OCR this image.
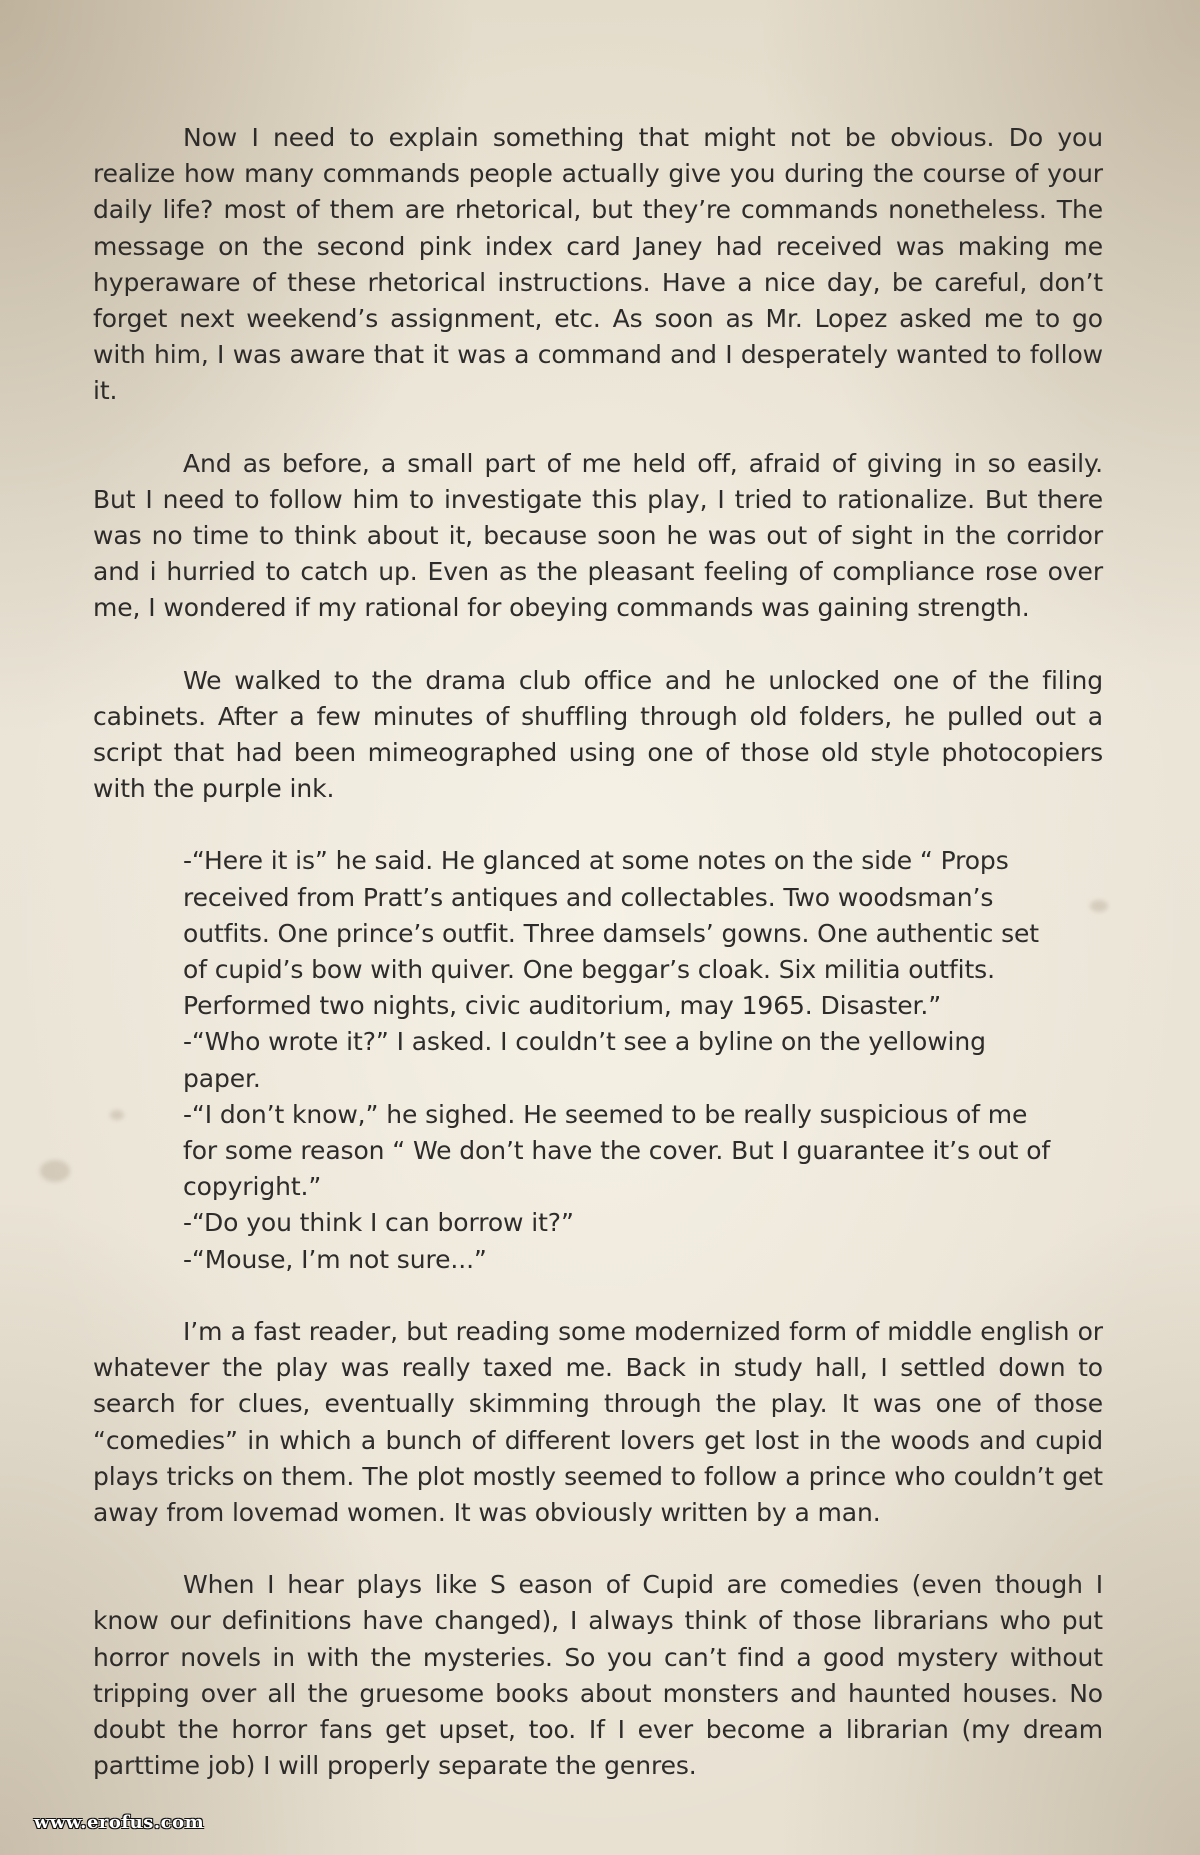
Now I need to explain something that might not be obvious. Do you realize how many commands people actually give you during the course of your daily life? most of them are rhetorical, but they’re commands nonetheless. The message on the second pink index card Janey had received was making me hyperaware of these rhetorical instructions. Have a nice day, be careful, don’t forget next weekend’s assignment, etc. As soon as Mr. Lopez asked me to go with him, I was aware that it was a command and I desperately wanted to follow it.

And as before, a small part of me held off, afraid of giving in so easily. But I need to follow him to investigate this play, I tried to rationalize. But there was no time to think about it, because soon he was out of sight in the corridor and i hurried to catch up. Even as the pleasant feeling of compliance rose over me, I wondered if my rational for obeying commands was gaining strength.

We walked to the drama club office and he unlocked one of the filing cabinets. After a few minutes of shuffling through old folders, he pulled out a script that had been mimeographed using one of those old style photocopiers with the purple ink.

-“Here it is” he said. He glanced at some notes on the side “ Props received from Pratt’s antiques and collectables. Two woodsman’s outfits. One prince’s outfit. Three damsels’ gowns. One authentic set of cupid’s bow with quiver. One beggar’s cloak. Six militia outfits. Performed two nights, civic auditorium, may 1965. Disaster.”

-“Who wrote it?” I asked. I couldn’t see a byline on the yellowing paper.

-“I don’t know,” he sighed. He seemed to be really suspicious of me for some reason “ We don’t have the cover. But I guarantee it’s out of copyright.”

-“Do you think I can borrow it?”

-“Mouse, I’m not sure...”

I’m a fast reader, but reading some modernized form of middle english or whatever the play was really taxed me. Back in study hall, I settled down to search for clues, eventually skimming through the play. It was one of those “comedies” in which a bunch of different lovers get lost in the woods and cupid plays tricks on them. The plot mostly seemed to follow a prince who couldn’t get away from lovemad women. It was obviously written by a man.

When I hear plays like S eason of Cupid are comedies (even though I know our definitions have changed), I always think of those librarians who put horror novels in with the mysteries. So you can’t find a good mystery without tripping over all the gruesome books about monsters and haunted houses. No doubt the horror fans get upset, too. If I ever become a librarian (my dream parttime job) I will properly separate the genres.

www.erofus.com
